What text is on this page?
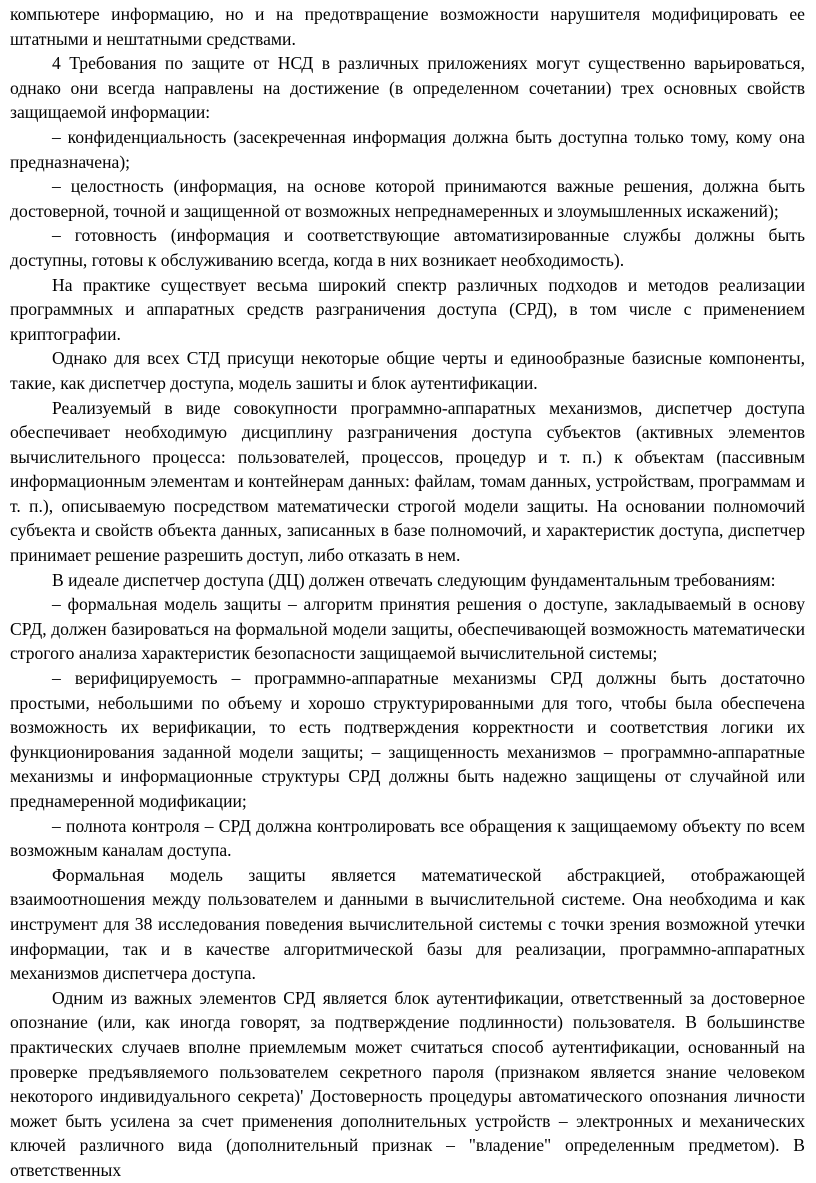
компьютере информацию, но и на предотвращение возможности нарушителя модифицировать ее штатными и нештатными средствами.

4 Требования по защите от НСД в различных приложениях могут существенно варьироваться, однако они всегда направлены на достижение (в определенном сочетании) трех основных свойств защищаемой информации:

– конфиденциальность (засекреченная информация должна быть доступна только тому, кому она предназначена);

– целостность (информация, на основе которой принимаются важные решения, должна быть достоверной, точной и защищенной от возможных непреднамеренных и злоумышленных искажений);

– готовность (информация и соответствующие автоматизированные службы должны быть доступны, готовы к обслуживанию всегда, когда в них возникает необходимость).

На практике существует весьма широкий спектр различных подходов и методов реализации программных и аппаратных средств разграничения доступа (СРД), в том числе с применением криптографии.

Однако для всех СТД присущи некоторые общие черты и единообразные базисные компоненты, такие, как диспетчер доступа, модель зашиты и блок аутентификации.

Реализуемый в виде совокупности программно-аппаратных механизмов, диспетчер доступа обеспечивает необходимую дисциплину разграничения доступа субъектов (активных элементов вычислительного процесса: пользователей, процессов, процедур и т. п.) к объектам (пассивным информационным элементам и контейнерам данных: файлам, томам данных, устройствам, программам и т. п.), описываемую посредством математически строгой модели защиты. На основании полномочий субъекта и свойств объекта данных, записанных в базе полномочий, и характеристик доступа, диспетчер принимает решение разрешить доступ, либо отказать в нем.

В идеале диспетчер доступа (ДЦ) должен отвечать следующим фундаментальным требованиям:

– формальная модель защиты – алгоритм принятия решения о доступе, закладываемый в основу СРД, должен базироваться на формальной модели защиты, обеспечивающей возможность математически строгого анализа характеристик безопасности защищаемой вычислительной системы;

– верифицируемость – программно-аппаратные механизмы СРД должны быть достаточно простыми, небольшими по объему и хорошо структурированными для того, чтобы была обеспечена возможность их верификации, то есть подтверждения корректности и соответствия логики их функционирования заданной модели защиты; – защищенность механизмов – программно-аппаратные механизмы и информационные структуры СРД должны быть надежно защищены от случайной или преднамеренной модификации;

– полнота контроля – СРД должна контролировать все обращения к защищаемому объекту по всем возможным каналам доступа.

Формальная модель защиты является математической абстракцией, отображающей взаимоотношения между пользователем и данными в вычислительной системе. Она необходима и как инструмент для 38 исследования поведения вычислительной системы с точки зрения возможной утечки информации, так и в качестве алгоритмической базы для реализации, программно-аппаратных механизмов диспетчера доступа.

Одним из важных элементов СРД является блок аутентификации, ответственный за достоверное опознание (или, как иногда говорят, за подтверждение подлинности) пользователя. В большинстве практических случаев вполне приемлемым может считаться способ аутентификации, основанный на проверке предъявляемого пользователем секретного пароля (признаком является знание человеком некоторого индивидуального секрета)' Достоверность процедуры автоматического опознания личности может быть усилена за счет применения дополнительных устройств – электронных и механических ключей различного вида (дополнительный признак – "владение" определенным предметом). В ответственных
